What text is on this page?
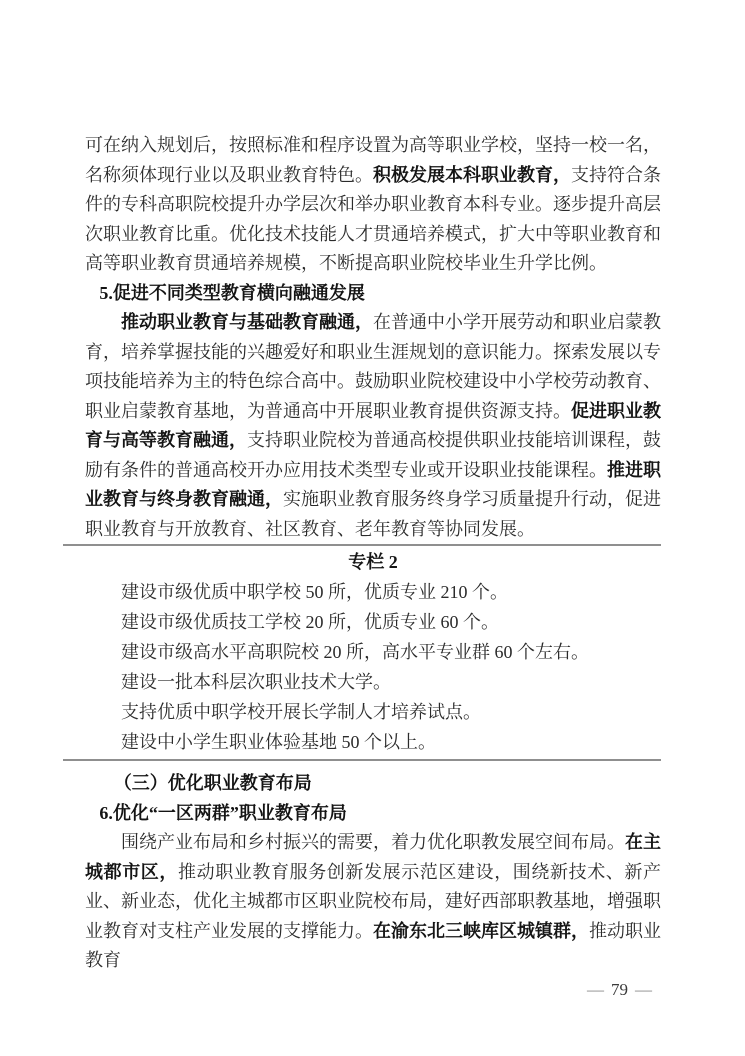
可在纳入规划后，按照标准和程序设置为高等职业学校，坚持一校一名，名称须体现行业以及职业教育特色。积极发展本科职业教育，支持符合条件的专科高职院校提升办学层次和举办职业教育本科专业。逐步提升高层次职业教育比重。优化技术技能人才贯通培养模式，扩大中等职业教育和高等职业教育贯通培养规模，不断提高职业院校毕业生升学比例。

5.促进不同类型教育横向融通发展

推动职业教育与基础教育融通，在普通中小学开展劳动和职业启蒙教育，培养掌握技能的兴趣爱好和职业生涯规划的意识能力。探索发展以专项技能培养为主的特色综合高中。鼓励职业院校建设中小学校劳动教育、职业启蒙教育基地，为普通高中开展职业教育提供资源支持。促进职业教育与高等教育融通，支持职业院校为普通高校提供职业技能培训课程，鼓励有条件的普通高校开办应用技术类型专业或开设职业技能课程。推进职业教育与终身教育融通，实施职业教育服务终身学习质量提升行动，促进职业教育与开放教育、社区教育、老年教育等协同发展。

专栏 2

建设市级优质中职学校 50 所，优质专业 210 个。

建设市级优质技工学校 20 所，优质专业 60 个。

建设市级高水平高职院校 20 所，高水平专业群 60 个左右。

建设一批本科层次职业技术大学。

支持优质中职学校开展长学制人才培养试点。

建设中小学生职业体验基地 50 个以上。

（三）优化职业教育布局

6.优化“一区两群”职业教育布局

围绕产业布局和乡村振兴的需要，着力优化职教发展空间布局。在主城都市区，推动职业教育服务创新发展示范区建设，围绕新技术、新产业、新业态，优化主城都市区职业院校布局，建好西部职教基地，增强职业教育对支柱产业发展的支撑能力。在渝东北三峡库区城镇群，推动职业教育

— 79 —
